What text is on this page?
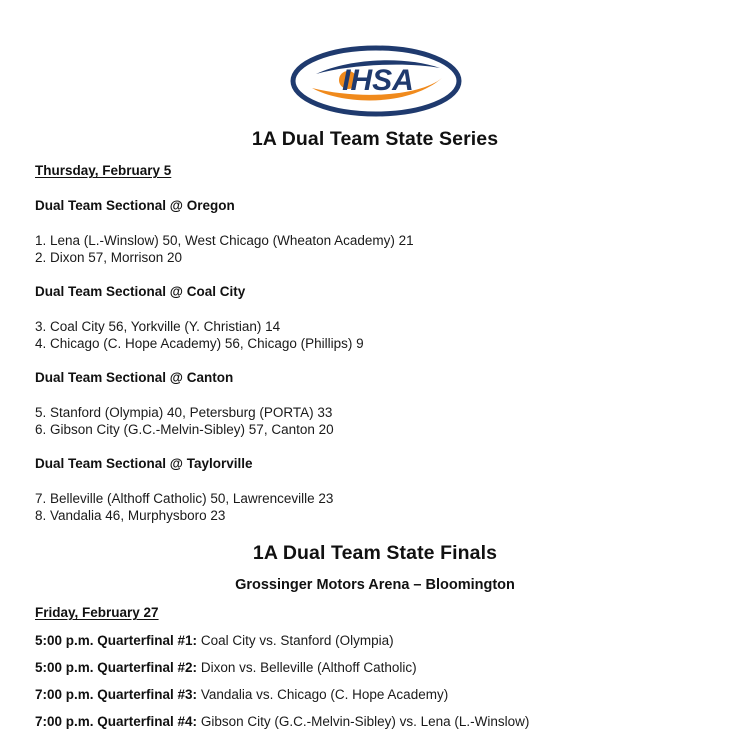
IHSA
1A Dual Team State Series
Thursday, February 5
Dual Team Sectional @ Oregon
1. Lena (L.-Winslow) 50, West Chicago (Wheaton Academy) 21
2. Dixon 57, Morrison 20
Dual Team Sectional @ Coal City
3. Coal City 56, Yorkville (Y. Christian) 14
4. Chicago (C. Hope Academy) 56, Chicago (Phillips) 9
Dual Team Sectional @ Canton
5. Stanford (Olympia) 40, Petersburg (PORTA) 33
6. Gibson City (G.C.-Melvin-Sibley) 57, Canton 20
Dual Team Sectional @ Taylorville
7. Belleville (Althoff Catholic) 50, Lawrenceville 23
8. Vandalia 46, Murphysboro 23
1A Dual Team State Finals
Grossinger Motors Arena – Bloomington
Friday, February 27
5:00 p.m. Quarterfinal #1: Coal City vs. Stanford (Olympia)
5:00 p.m. Quarterfinal #2: Dixon vs. Belleville (Althoff Catholic)
7:00 p.m. Quarterfinal #3: Vandalia vs. Chicago (C. Hope Academy)
7:00 p.m. Quarterfinal #4: Gibson City (G.C.-Melvin-Sibley) vs. Lena (L.-Winslow)
